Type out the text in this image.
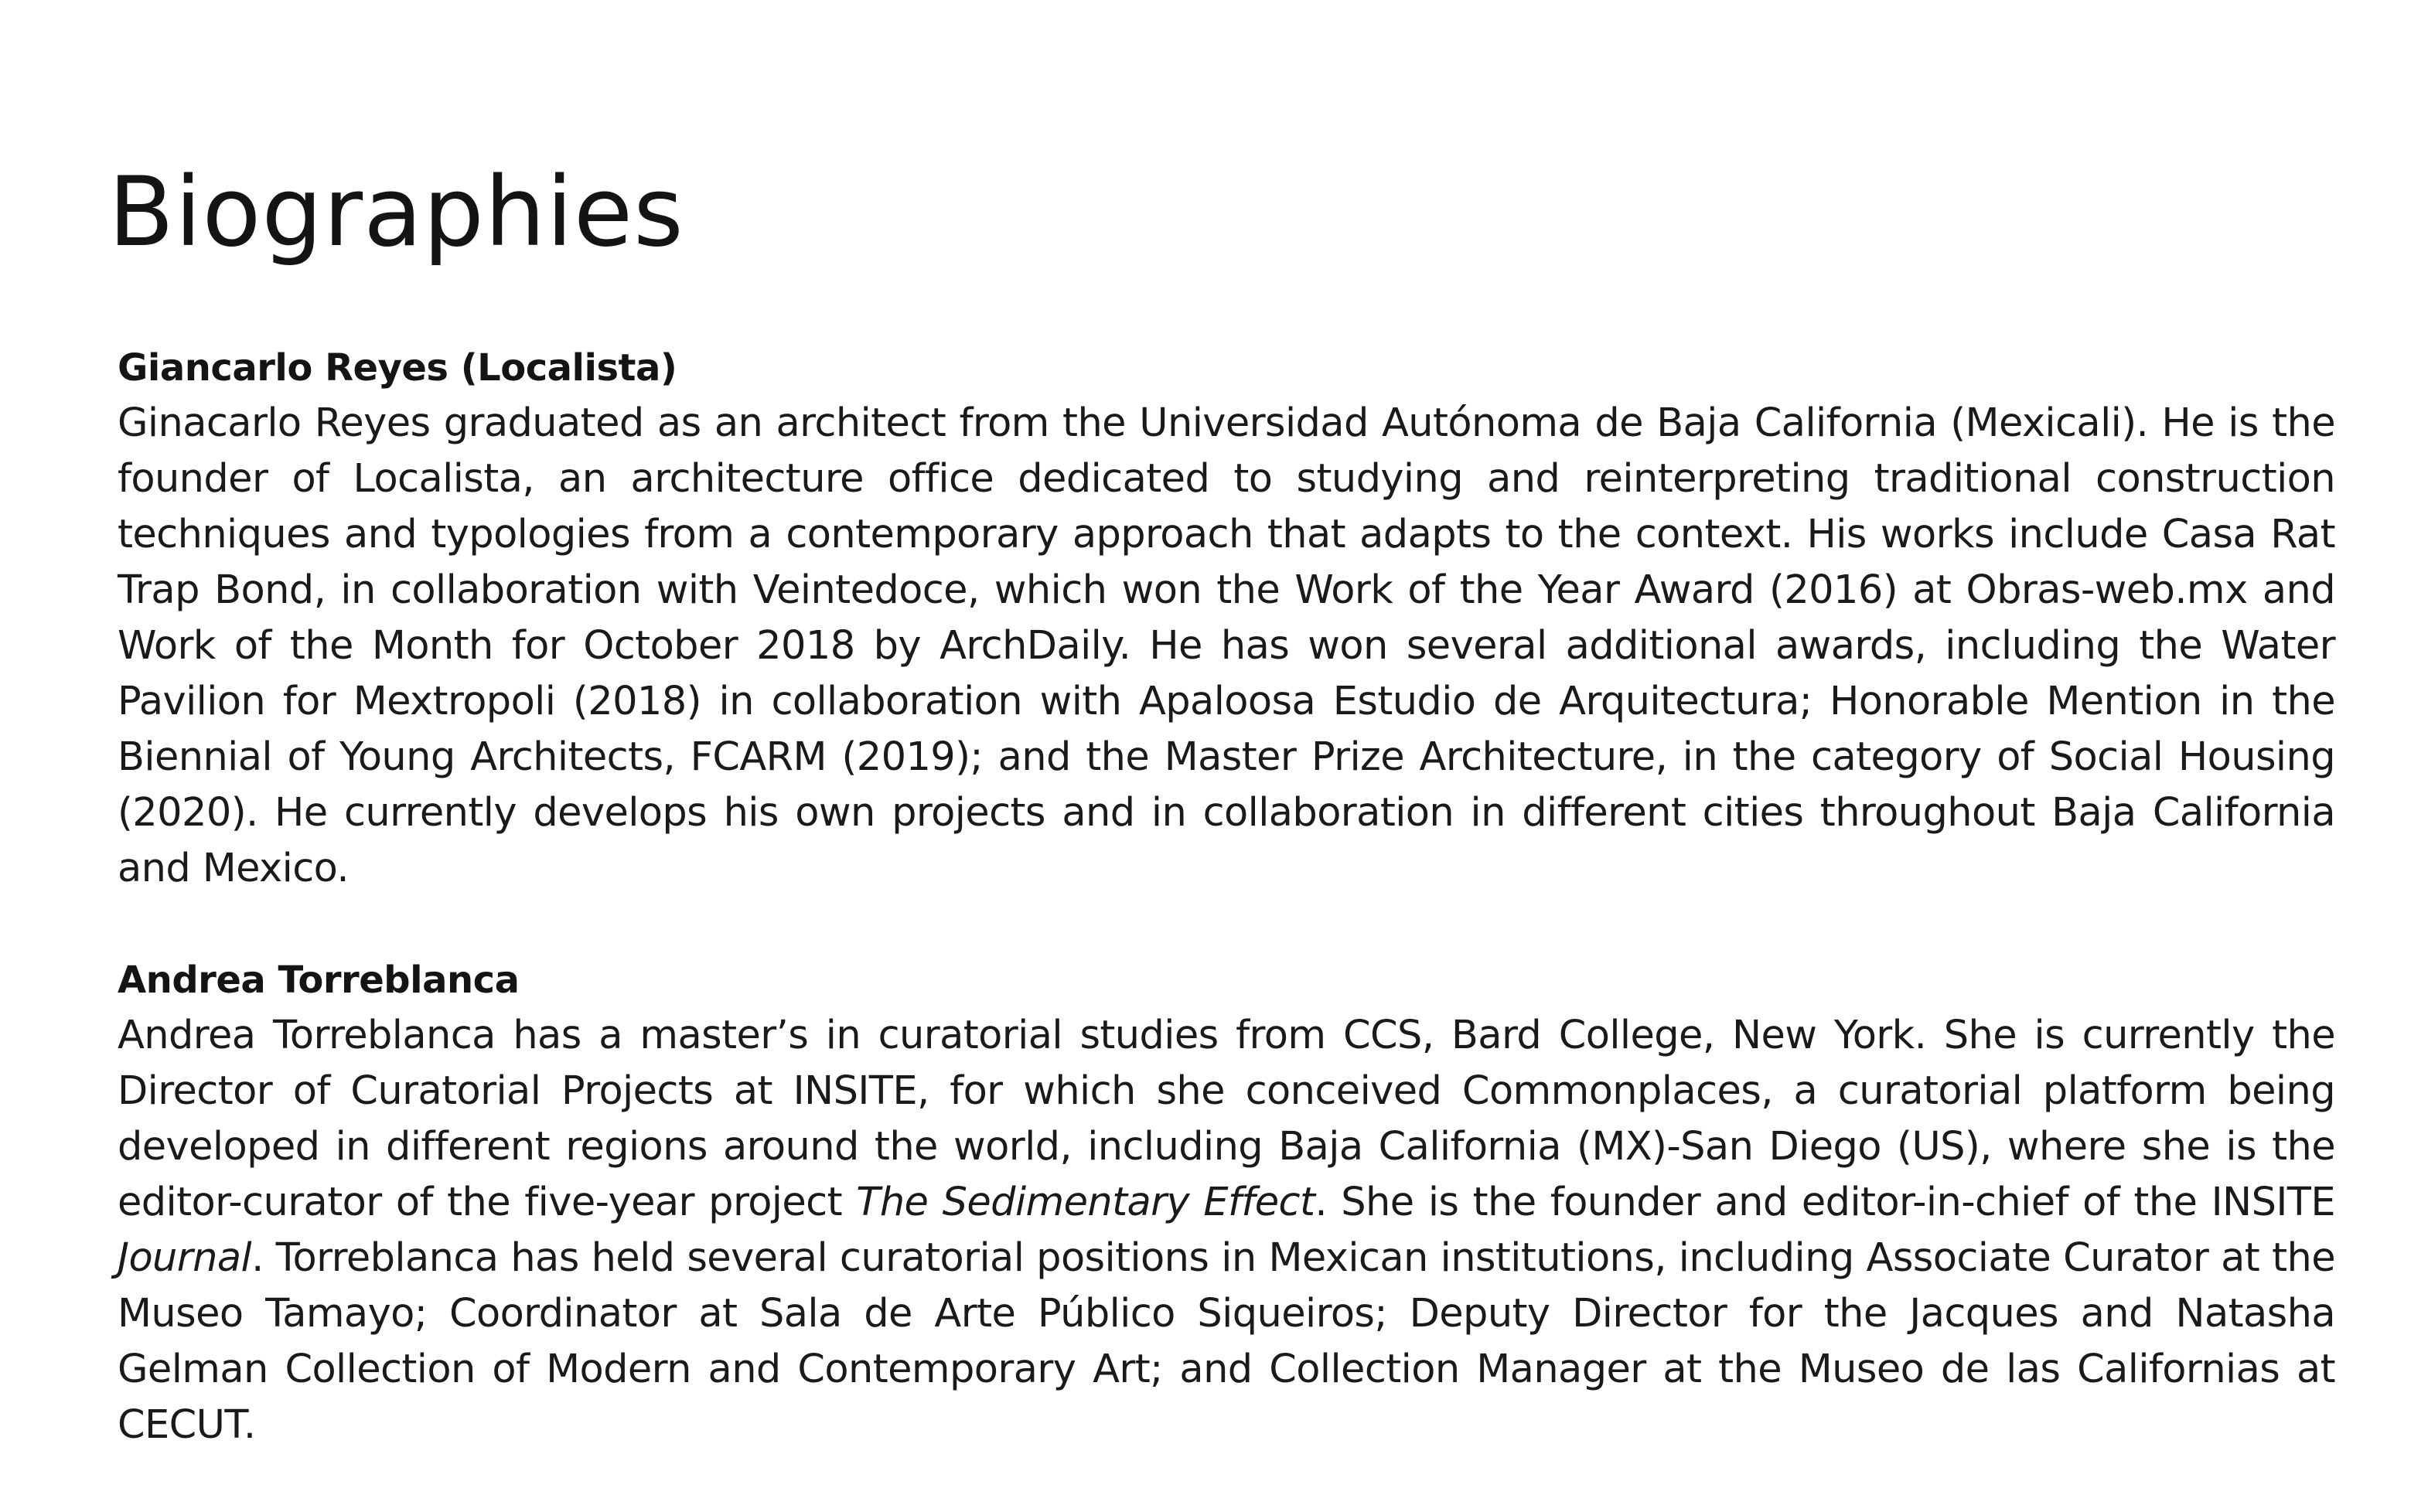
Biographies

Giancarlo Reyes (Localista)

Ginacarlo Reyes graduated as an architect from the Universidad Autónoma de Baja California (Mexicali). He is the founder of Localista, an architecture office dedicated to studying and reinterpreting traditional construction techniques and typologies from a contemporary approach that adapts to the context. His works include Casa Rat Trap Bond, in collaboration with Veintedoce, which won the Work of the Year Award (2016) at Obras-web.mx and Work of the Month for October 2018 by ArchDaily. He has won several additional awards, including the Water Pavilion for Mextropoli (2018) in collaboration with Apaloosa Estudio de Arquitectura; Honorable Mention in the Biennial of Young Architects, FCARM (2019); and the Master Prize Architecture, in the category of Social Housing (2020). He currently develops his own projects and in collaboration in different cities throughout Baja California and Mexico.

Andrea Torreblanca

Andrea Torreblanca has a master’s in curatorial studies from CCS, Bard College, New York. She is currently the Director of Curatorial Projects at INSITE, for which she conceived Commonplaces, a curatorial platform being developed in different regions around the world, including Baja California (MX)-San Diego (US), where she is the editor-curator of the five-year project The Sedimentary Effect. She is the founder and editor-in-chief of the INSITE Journal. Torreblanca has held several curatorial positions in Mexican institutions, including Associate Curator at the Museo Tamayo; Coordinator at Sala de Arte Público Siqueiros; Deputy Director for the Jacques and Natasha Gelman Collection of Modern and Contemporary Art; and Collection Manager at the Museo de las Californias at CECUT.
